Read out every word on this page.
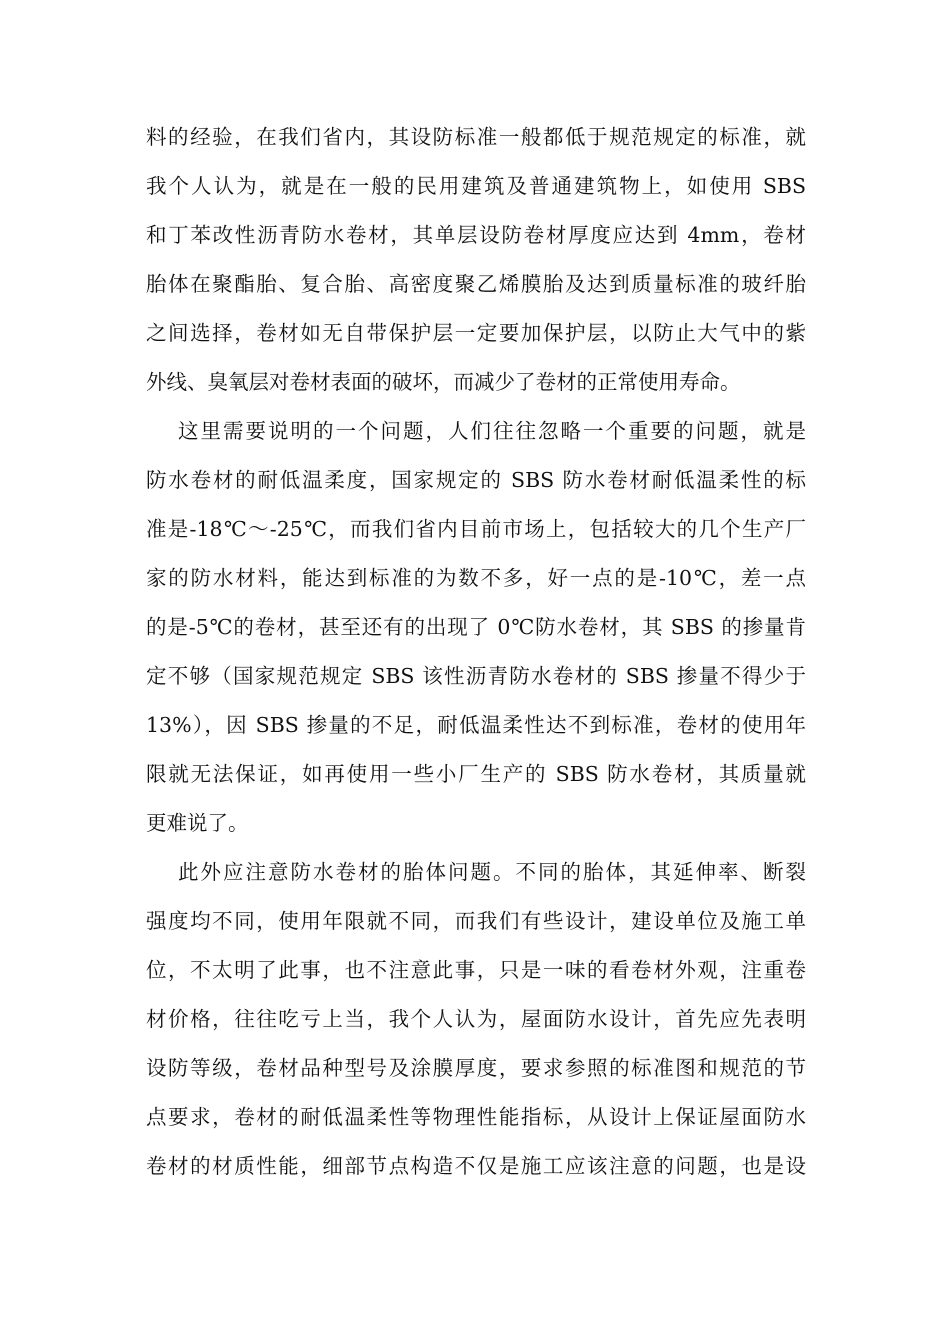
料的经验，在我们省内，其设防标准一般都低于规范规定的标准，就
我个人认为，就是在一般的民用建筑及普通建筑物上，如使用 SBS
和丁苯改性沥青防水卷材，其单层设防卷材厚度应达到 4mm，卷材
胎体在聚酯胎、复合胎、高密度聚乙烯膜胎及达到质量标准的玻纤胎
之间选择，卷材如无自带保护层一定要加保护层，以防止大气中的紫
外线、臭氧层对卷材表面的破坏，而减少了卷材的正常使用寿命。
这里需要说明的一个问题，人们往往忽略一个重要的问题，就是
防水卷材的耐低温柔度，国家规定的 SBS 防水卷材耐低温柔性的标
准是-18℃～-25℃，而我们省内目前市场上，包括较大的几个生产厂
家的防水材料，能达到标准的为数不多，好一点的是-10℃，差一点
的是-5℃的卷材，甚至还有的出现了 0℃防水卷材，其 SBS 的掺量肯
定不够（国家规范规定 SBS 该性沥青防水卷材的 SBS 掺量不得少于
13%），因 SBS 掺量的不足，耐低温柔性达不到标准，卷材的使用年
限就无法保证，如再使用一些小厂生产的 SBS 防水卷材，其质量就
更难说了。
此外应注意防水卷材的胎体问题。不同的胎体，其延伸率、断裂
强度均不同，使用年限就不同，而我们有些设计，建设单位及施工单
位，不太明了此事，也不注意此事，只是一味的看卷材外观，注重卷
材价格，往往吃亏上当，我个人认为，屋面防水设计，首先应先表明
设防等级，卷材品种型号及涂膜厚度，要求参照的标准图和规范的节
点要求，卷材的耐低温柔性等物理性能指标，从设计上保证屋面防水
卷材的材质性能，细部节点构造不仅是施工应该注意的问题，也是设
